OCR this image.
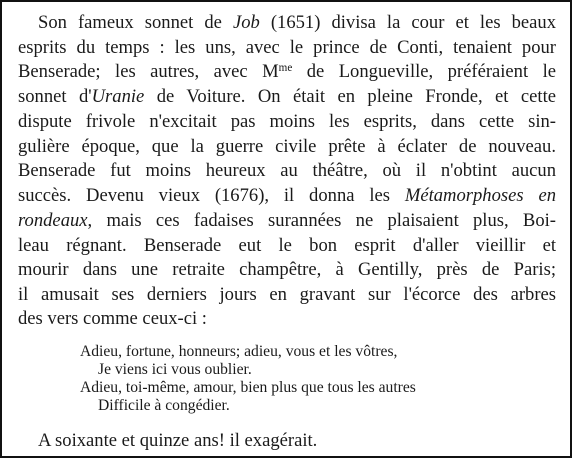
Son fameux sonnet de Job (1651) divisa la cour et les beaux
esprits du temps : les uns, avec le prince de Conti, tenaient pour
Benserade; les autres, avec $M^{me}$ de Longueville, préféraient le
sonnet d'Uranie de Voiture. On était en pleine Fronde, et cette
dispute frivole n'excitait pas moins les esprits, dans cette sin-
gulière époque, que la guerre civile prête à éclater de nouveau.
Benserade fut moins heureux au théâtre, où il n'obtint aucun
succès. Devenu vieux (1676), il donna les Métamorphoses en
rondeaux, mais ces fadaises surannées ne plaisaient plus, Boi-
leau régnant. Benserade eut le bon esprit d'aller vieillir et
mourir dans une retraite champêtre, à Gentilly, près de Paris;
il amusait ses derniers jours en gravant sur l'écorce des arbres
des vers comme ceux-ci :
Adieu, fortune, honneurs; adieu, vous et les vôtres,
Je viens ici vous oublier.
Adieu, toi-même, amour, bien plus que tous les autres
Difficile à congédier.
A soixante et quinze ans! il exagérait.
